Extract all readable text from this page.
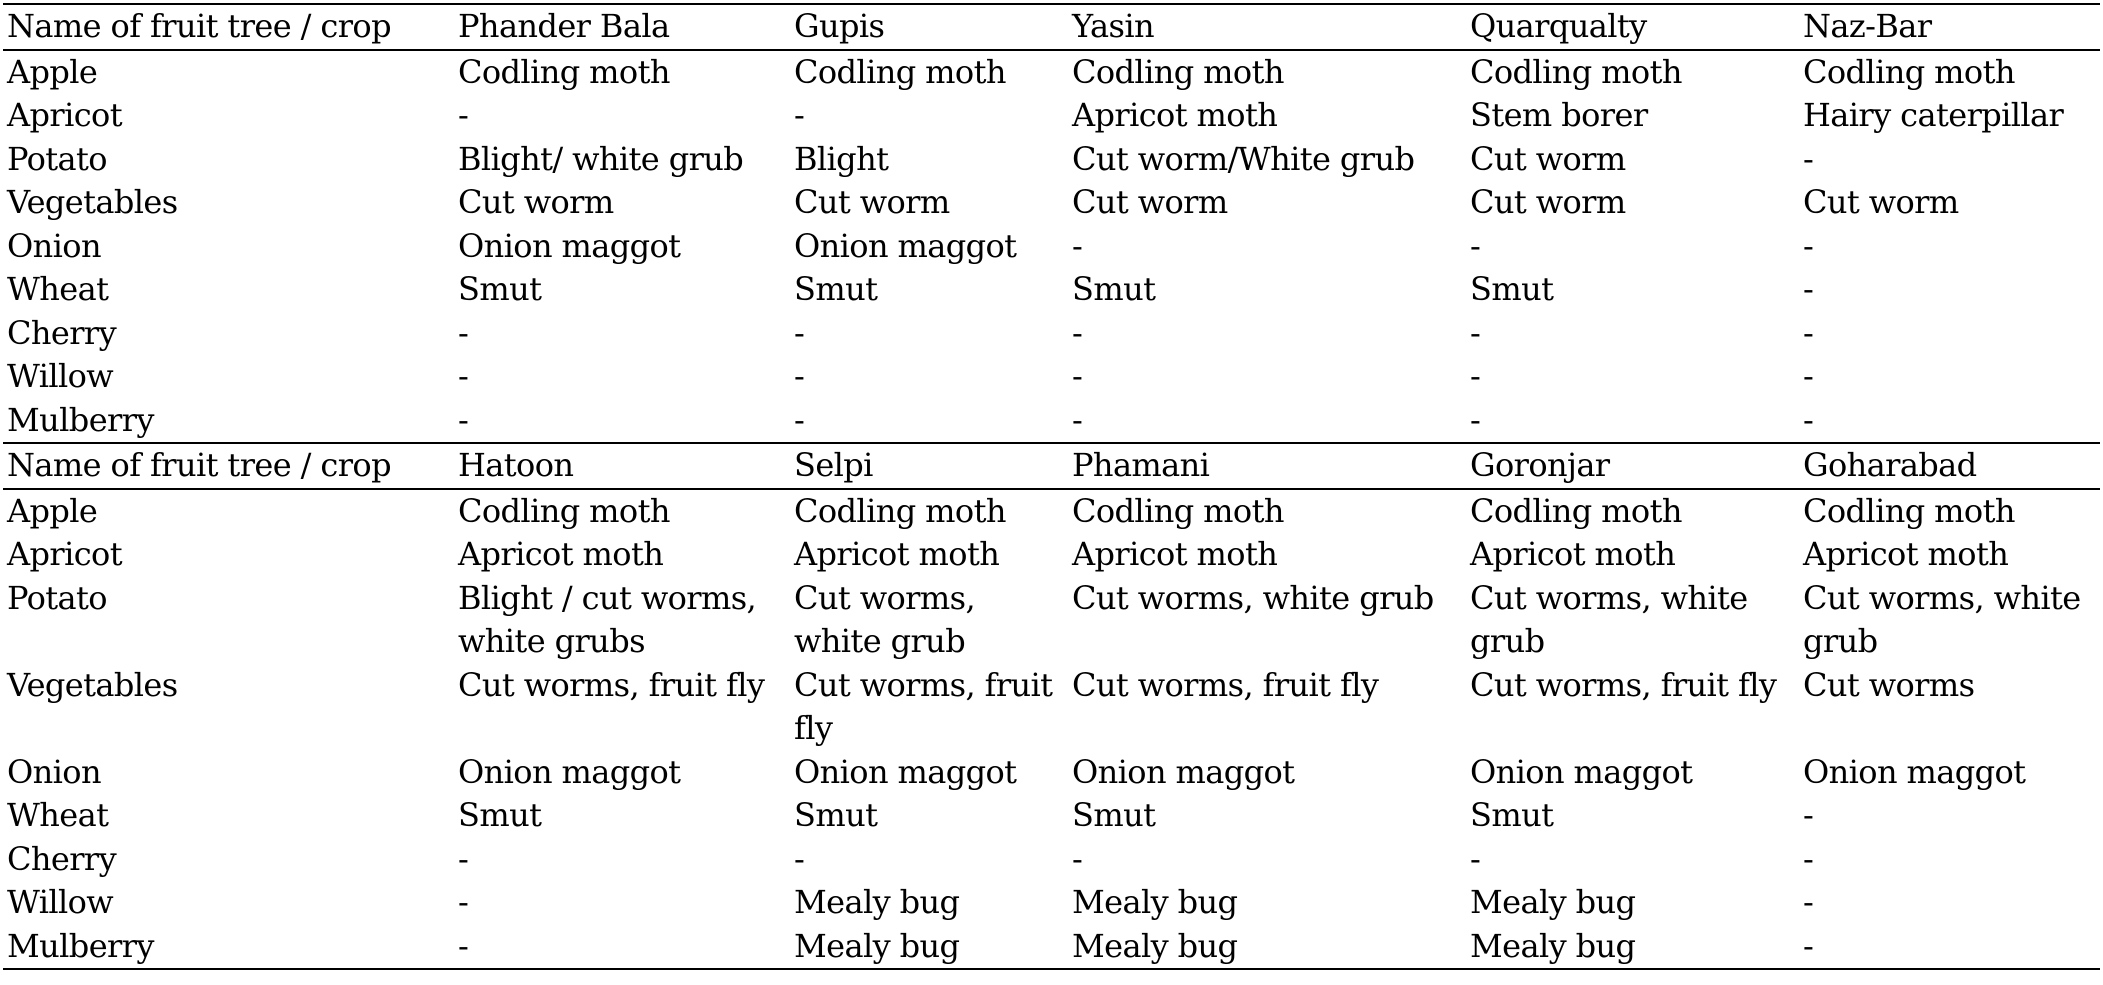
Name of fruit tree / crop	Phander Bala	Gupis	Yasin	Quarqualty	Naz-Bar
Apple	Codling moth	Codling moth	Codling moth	Codling moth	Codling moth
Apricot	-	-	Apricot moth	Stem borer	Hairy caterpillar
Potato	Blight/ white grub	Blight	Cut worm/White grub	Cut worm	-
Vegetables	Cut worm	Cut worm	Cut worm	Cut worm	Cut worm
Onion	Onion maggot	Onion maggot	-	-	-
Wheat	Smut	Smut	Smut	Smut	-
Cherry	-	-	-	-	-
Willow	-	-	-	-	-
Mulberry	-	-	-	-	-
Name of fruit tree / crop	Hatoon	Selpi	Phamani	Goronjar	Goharabad
Apple	Codling moth	Codling moth	Codling moth	Codling moth	Codling moth
Apricot	Apricot moth	Apricot moth	Apricot moth	Apricot moth	Apricot moth
Potato	Blight / cut worms, white grubs	Cut worms, white grub	Cut worms, white grub	Cut worms, white grub	Cut worms, white grub
Vegetables	Cut worms, fruit fly	Cut worms, fruit fly	Cut worms, fruit fly	Cut worms, fruit fly	Cut worms
Onion	Onion maggot	Onion maggot	Onion maggot	Onion maggot	Onion maggot
Wheat	Smut	Smut	Smut	Smut	-
Cherry	-	-	-	-	-
Willow	-	Mealy bug	Mealy bug	Mealy bug	-
Mulberry	-	Mealy bug	Mealy bug	Mealy bug	-
